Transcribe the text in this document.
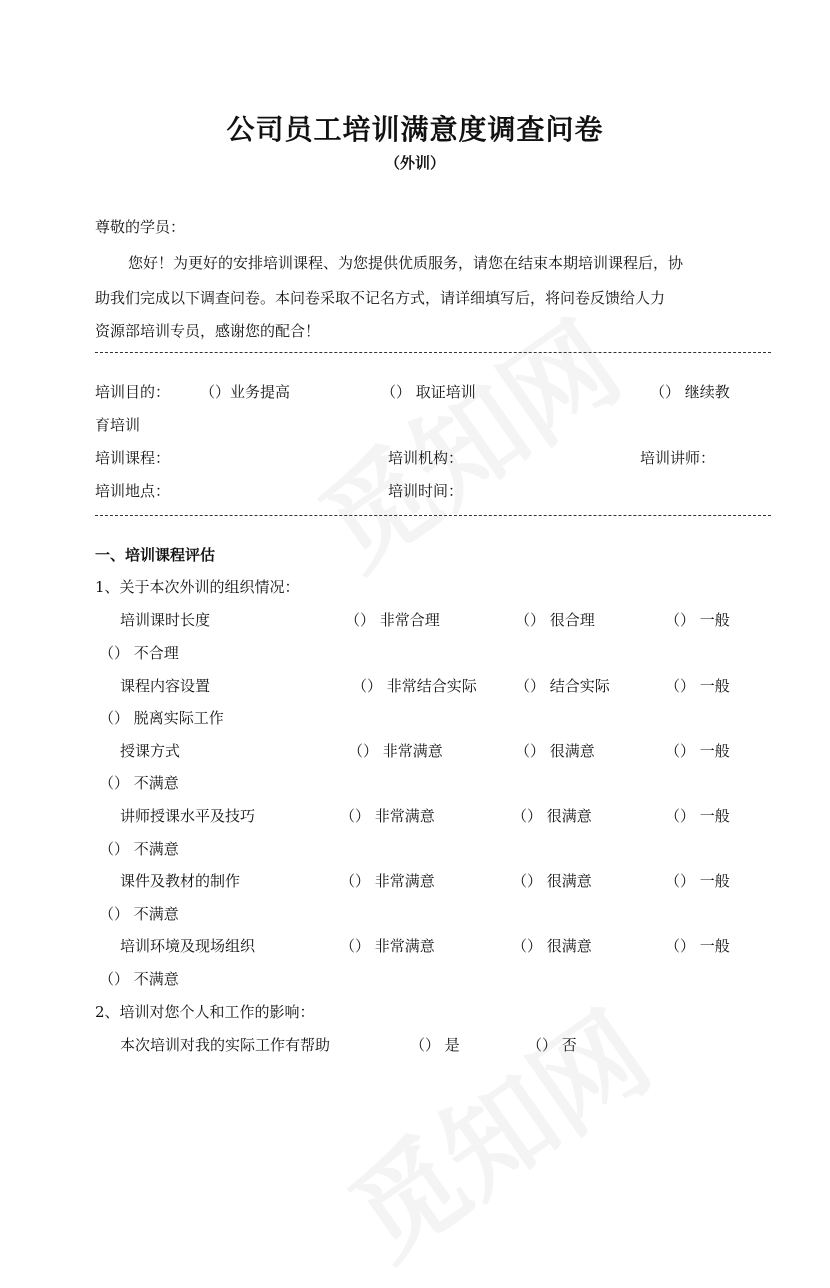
公司员工培训满意度调查问卷
（外训）
尊敬的学员：
您好！为更好的安排培训课程、为您提供优质服务，请您在结束本期培训课程后，协
助我们完成以下调查问卷。本问卷采取不记名方式，请详细填写后，将问卷反馈给人力
资源部培训专员，感谢您的配合！
培训目的： （）业务提高	（） 取证培训	（） 继续教
育培训
培训课程：	培训机构：	培训讲师：
培训地点：	培训时间：
一、培训课程评估
1、关于本次外训的组织情况：
培训课时长度	（） 非常合理	（） 很合理	（） 一般
（） 不合理
课程内容设置	（） 非常结合实际	（） 结合实际	（） 一般
（） 脱离实际工作
授课方式	（） 非常满意	（） 很满意	（） 一般
（） 不满意
讲师授课水平及技巧	（） 非常满意	（） 很满意	（） 一般
（） 不满意
课件及教材的制作	（） 非常满意	（） 很满意	（） 一般
（） 不满意
培训环境及现场组织	（） 非常满意	（） 很满意	（） 一般
（） 不满意
2、培训对您个人和工作的影响：
本次培训对我的实际工作有帮助	（） 是	（） 否
